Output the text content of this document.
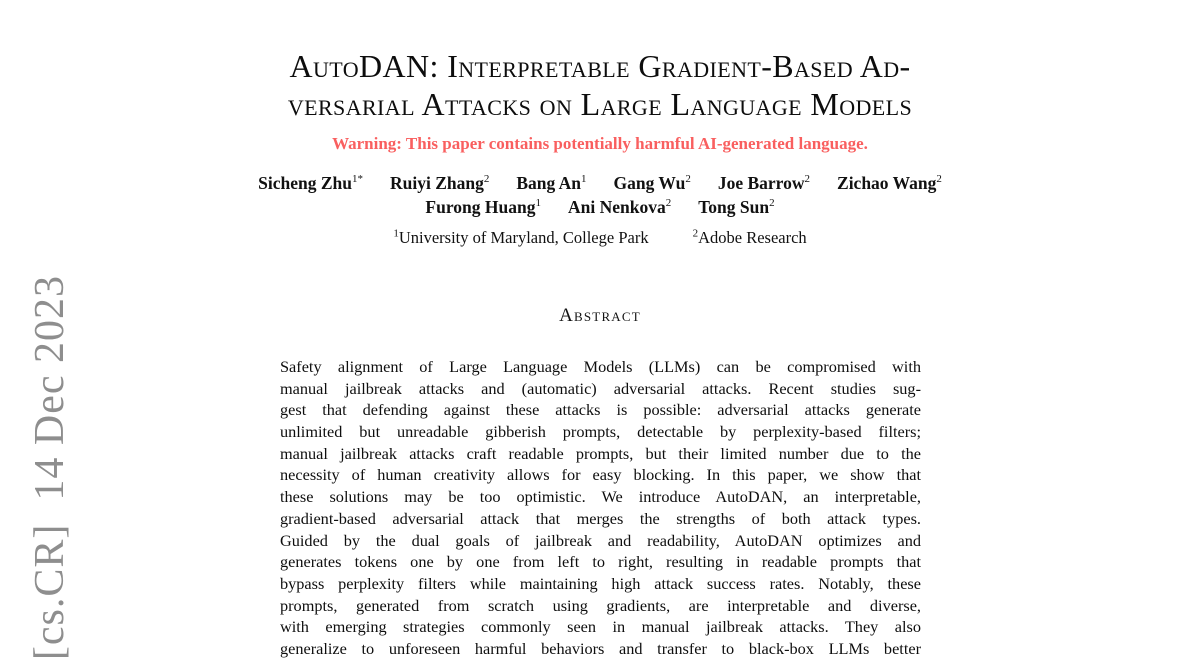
[cs.CR]  14 Dec 2023
AutoDAN: Interpretable Gradient-Based Ad-
versarial Attacks on Large Language Models
Warning: This paper contains potentially harmful AI-generated language.
Sicheng Zhu$^{1*}$ Ruiyi Zhang$^2$ Bang An$^1$ Gang Wu$^2$ Joe Barrow$^2$ Zichao Wang$^2$
Furong Huang$^1$ Ani Nenkova$^2$ Tong Sun$^2$
$^1$University of Maryland, College Park	$^2$Adobe Research
Abstract
Safety alignment of Large Language Models (LLMs) can be compromised with
manual jailbreak attacks and (automatic) adversarial attacks. Recent studies sug-
gest that defending against these attacks is possible: adversarial attacks generate
unlimited but unreadable gibberish prompts, detectable by perplexity-based filters;
manual jailbreak attacks craft readable prompts, but their limited number due to the
necessity of human creativity allows for easy blocking. In this paper, we show that
these solutions may be too optimistic. We introduce AutoDAN, an interpretable,
gradient-based adversarial attack that merges the strengths of both attack types.
Guided by the dual goals of jailbreak and readability, AutoDAN optimizes and
generates tokens one by one from left to right, resulting in readable prompts that
bypass perplexity filters while maintaining high attack success rates. Notably, these
prompts, generated from scratch using gradients, are interpretable and diverse,
with emerging strategies commonly seen in manual jailbreak attacks. They also
generalize to unforeseen harmful behaviors and transfer to black-box LLMs better
